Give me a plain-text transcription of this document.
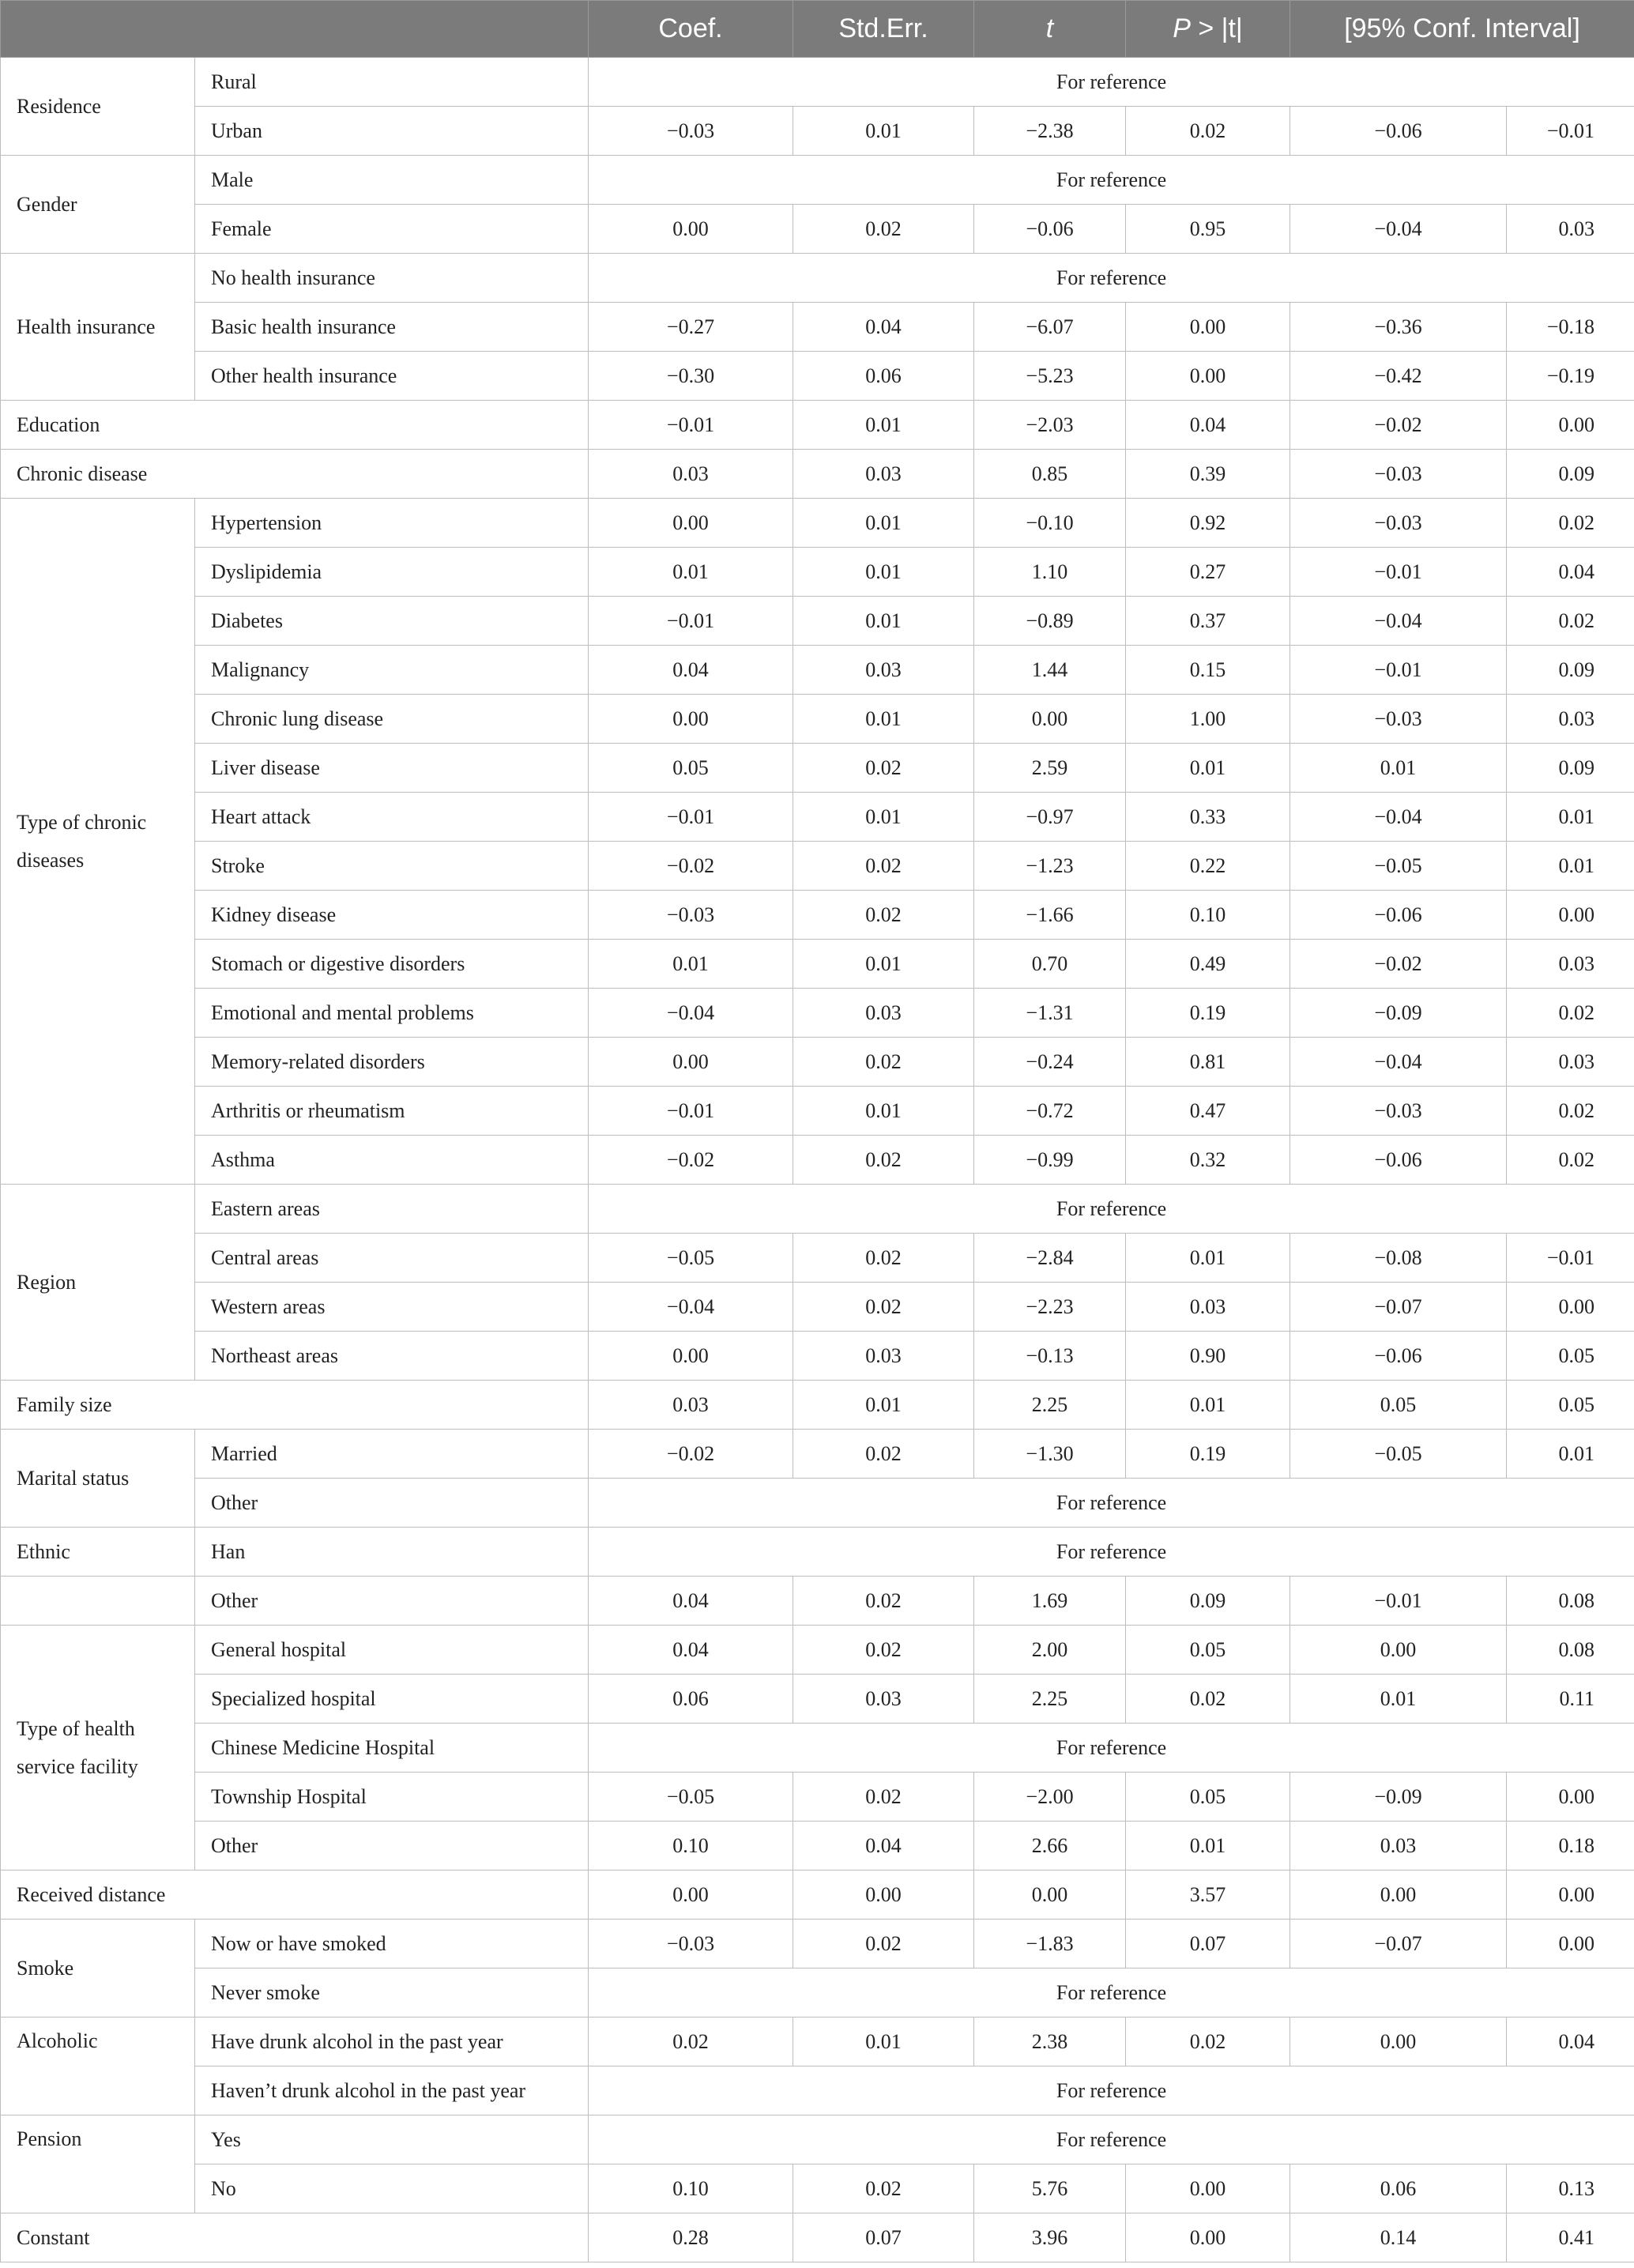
		Coef.	Std.Err.	t	P > |t|	[95% Conf. Interval]	
Residence	Rural	For reference					
	Urban	−0.03	0.01	−2.38	0.02	−0.06	−0.01
Gender	Male	For reference					
	Female	0.00	0.02	−0.06	0.95	−0.04	0.03
Health insurance	No health insurance	For reference					
	Basic health insurance	−0.27	0.04	−6.07	0.00	−0.36	−0.18
	Other health insurance	−0.30	0.06	−5.23	0.00	−0.42	−0.19
Education		−0.01	0.01	−2.03	0.04	−0.02	0.00
Chronic disease		0.03	0.03	0.85	0.39	−0.03	0.09
Type of chronic diseases	Hypertension	0.00	0.01	−0.10	0.92	−0.03	0.02
	Dyslipidemia	0.01	0.01	1.10	0.27	−0.01	0.04
	Diabetes	−0.01	0.01	−0.89	0.37	−0.04	0.02
	Malignancy	0.04	0.03	1.44	0.15	−0.01	0.09
	Chronic lung disease	0.00	0.01	0.00	1.00	−0.03	0.03
	Liver disease	0.05	0.02	2.59	0.01	0.01	0.09
	Heart attack	−0.01	0.01	−0.97	0.33	−0.04	0.01
	Stroke	−0.02	0.02	−1.23	0.22	−0.05	0.01
	Kidney disease	−0.03	0.02	−1.66	0.10	−0.06	0.00
	Stomach or digestive disorders	0.01	0.01	0.70	0.49	−0.02	0.03
	Emotional and mental problems	−0.04	0.03	−1.31	0.19	−0.09	0.02
	Memory-related disorders	0.00	0.02	−0.24	0.81	−0.04	0.03
	Arthritis or rheumatism	−0.01	0.01	−0.72	0.47	−0.03	0.02
	Asthma	−0.02	0.02	−0.99	0.32	−0.06	0.02
Region	Eastern areas	For reference					
	Central areas	−0.05	0.02	−2.84	0.01	−0.08	−0.01
	Western areas	−0.04	0.02	−2.23	0.03	−0.07	0.00
	Northeast areas	0.00	0.03	−0.13	0.90	−0.06	0.05
Family size		0.03	0.01	2.25	0.01	0.05	0.05
Marital status	Married	−0.02	0.02	−1.30	0.19	−0.05	0.01
	Other	For reference					
Ethnic	Han	For reference					
	Other	0.04	0.02	1.69	0.09	−0.01	0.08
Type of health service facility	General hospital	0.04	0.02	2.00	0.05	0.00	0.08
	Specialized hospital	0.06	0.03	2.25	0.02	0.01	0.11
	Chinese Medicine Hospital	For reference					
	Township Hospital	−0.05	0.02	−2.00	0.05	−0.09	0.00
	Other	0.10	0.04	2.66	0.01	0.03	0.18
Received distance		0.00	0.00	0.00	3.57	0.00	0.00
Smoke	Now or have smoked	−0.03	0.02	−1.83	0.07	−0.07	0.00
	Never smoke	For reference					
Alcoholic	Have drunk alcohol in the past year	0.02	0.01	2.38	0.02	0.00	0.04
	Haven’t drunk alcohol in the past year	For reference					
Pension	Yes	For reference					
	No	0.10	0.02	5.76	0.00	0.06	0.13
Constant		0.28	0.07	3.96	0.00	0.14	0.41
